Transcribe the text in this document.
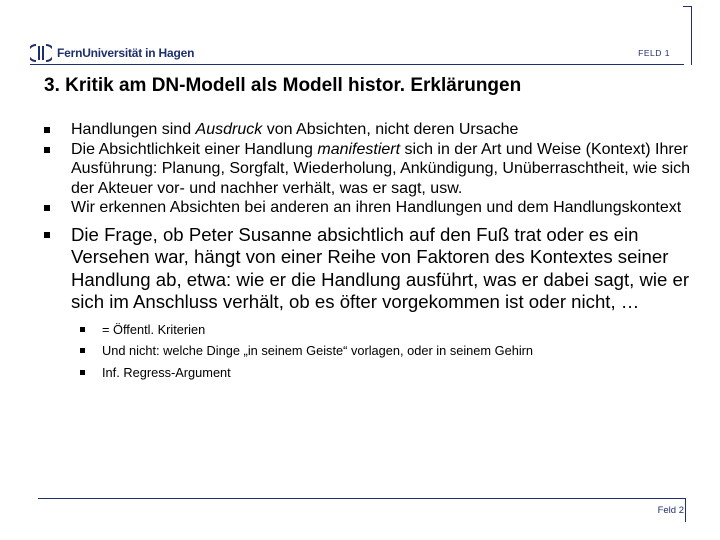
FernUniversität in Hagen	FELD 1
3. Kritik am DN-Modell als Modell histor. Erklärungen
Handlungen sind Ausdruck von Absichten, nicht deren Ursache
Die Absichtlichkeit einer Handlung manifestiert sich in der Art und Weise (Kontext) Ihrer Ausführung: Planung, Sorgfalt, Wiederholung, Ankündigung, Unüberraschtheit, wie sich der Akteuer vor- und nachher verhält, was er sagt, usw.
Wir erkennen Absichten bei anderen an ihren Handlungen und dem Handlungskontext
Die Frage, ob Peter Susanne absichtlich auf den Fuß trat oder es ein Versehen war, hängt von einer Reihe von Faktoren des Kontextes seiner Handlung ab, etwa: wie er die Handlung ausführt, was er dabei sagt, wie er sich im Anschluss verhält, ob es öfter vorgekommen ist oder nicht, …
= Öffentl. Kriterien
Und nicht: welche Dinge „in seinem Geiste“ vorlagen, oder in seinem Gehirn
Inf. Regress-Argument
Feld 2
